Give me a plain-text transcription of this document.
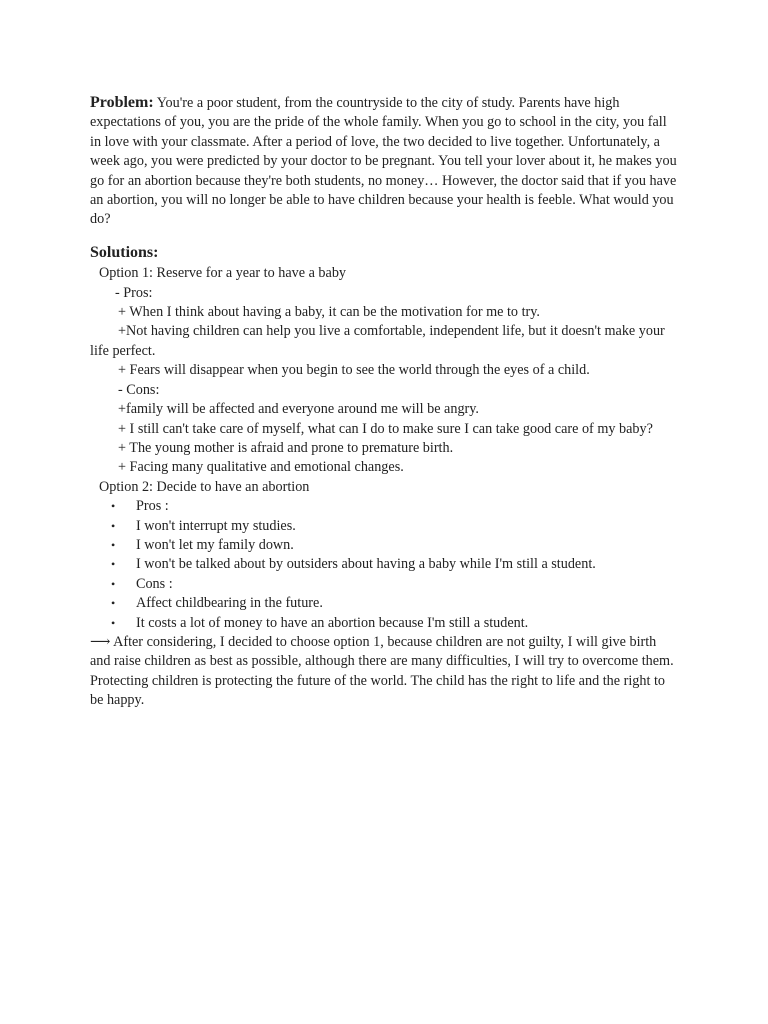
Problem: You're a poor student, from the countryside to the city of study. Parents have high expectations of you, you are the pride of the whole family. When you go to school in the city, you fall in love with your classmate. After a period of love, the two decided to live together. Unfortunately, a week ago, you were predicted by your doctor to be pregnant. You tell your lover about it, he makes you go for an abortion because they're both students, no money… However, the doctor said that if you have an abortion, you will no longer be able to have children because your health is feeble. What would you do?

Solutions:

Option 1: Reserve for a year to have a baby

- Pros:

+ When I think about having a baby, it can be the motivation for me to try.

+Not having children can help you live a comfortable, independent life, but it doesn't make your life perfect.

+ Fears will disappear when you begin to see the world through the eyes of a child.

- Cons:

+family will be affected and everyone around me will be angry.

+ I still can't take care of myself, what can I do to make sure I can take good care of my baby?

+ The young mother is afraid and prone to premature birth.

+ Facing many qualitative and emotional changes.

Option 2: Decide to have an abortion

• Pros :
• I won't interrupt my studies.
• I won't let my family down.
• I won't be talked about by outsiders about having a baby while I'm still a student.
• Cons :
• Affect childbearing in the future.
• It costs a lot of money to have an abortion because I'm still a student.

⟶ After considering, I decided to choose option 1, because children are not guilty, I will give birth and raise children as best as possible, although there are many difficulties, I will try to overcome them. Protecting children is protecting the future of the world. The child has the right to life and the right to be happy.
